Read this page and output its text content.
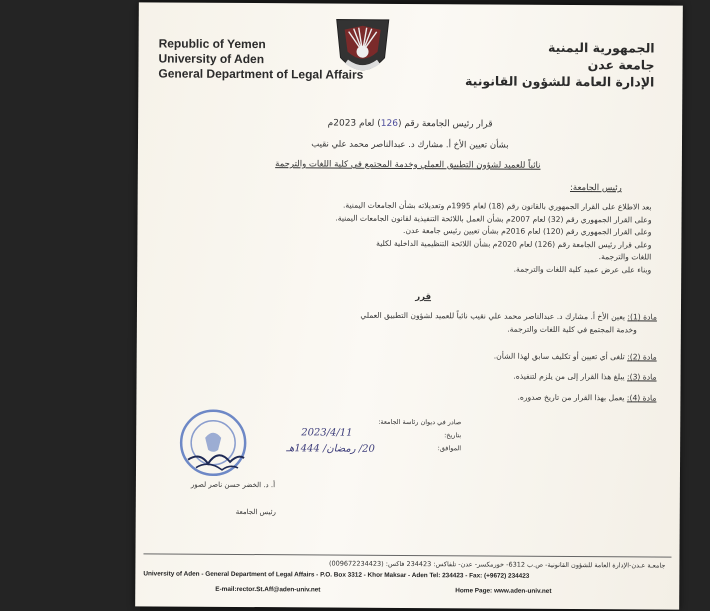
Republic of Yemen
University of Aden
General Department of Legal Affairs
الجمهورية اليمنية
جامعة عدن
الإدارة العامة للشؤون القانونية
قرار رئيس الجامعة رقم (126) لعام 2023م
بشأن تعيين الأخ أ. مشارك د. عبدالناصر محمد علي نقيب
نائباً للعميد لشؤون التطبيق العملي وخدمة المجتمع في كلية اللغات والترجمة
رئيس الجامعة:
بعد الاطلاع على القرار الجمهوري بالقانون رقم (18) لعام 1995م وتعديلاته بشأن الجامعات اليمنية.
وعلى القرار الجمهوري رقم (32) لعام 2007م بشأن العمل باللائحة التنفيذية لقانون الجامعات اليمنية.
وعلى القرار الجمهوري رقم (120) لعام 2016م بشأن تعيين رئيس جامعة عدن.
وعلى قرار رئيس الجامعة رقم (126) لعام 2020م بشأن اللائحة التنظيمية الداخلية لكلية
اللغات والترجمة.
وبناء على عرض عميد كلية اللغات والترجمة.
قرر
مادة (1): يعين الأخ أ. مشارك د. عبدالناصر محمد علي نقيب نائباً للعميد لشؤون التطبيق العملي
وخدمة المجتمع في كلية اللغات والترجمة.
مادة (2): تلغى أي تعيين أو تكليف سابق لهذا الشأن.
مادة (3): يبلغ هذا القرار إلى من يلزم لتنفيذه.
مادة (4): يعمل بهذا القرار من تاريخ صدوره.
صادر في ديوان رئاسة الجامعة:
بتاريخ:
الموافق:
2023/4/11
20/ رمضان/ 1444هـ
أ. د. الخضر حسن ناصر لصور
رئيس الجامعة
جامعـة عـدن-الإدارة العامة للشؤون القانونية- ص.ب 6312- خورمكسر- عدن- تلفاكس: 234423 فاكس: (009672234423)
University of Aden - General Department of Legal Affairs - P.O. Box 3312 - Khor Maksar - Aden Tel: 234423 - Fax: (+9672) 234423
E-mail:rector.St.Aff@aden-univ.net	Home Page: www.aden-univ.net
